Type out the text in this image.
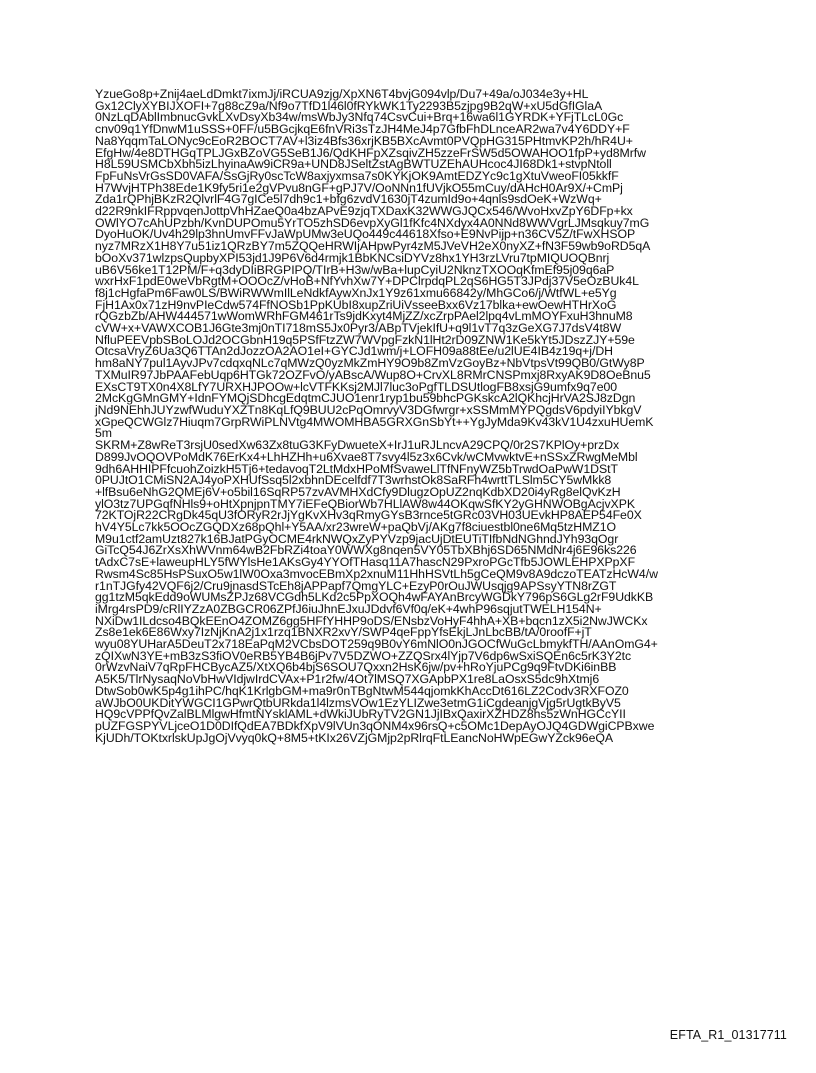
YzueGo8p+Znij4aeLdDmkt7ixmJj/iRCUA9zjg/XpXN6T4bvjG094vlp/Du7+49a/oJ034e3y+HL
Gx12ClyXYBIJXOFI+7g88cZ9a/Nf9o7TfD1l46l0fRYkWK1Ty2293B5zjpg9B2qW+xU5dGfIGlaA
0NzLqDAblImbnucGvkLXvDsyXb34w/msWbJy3Nfq74CsvCui+Brq+16wa6l1GYRDK+YFjTLcL0Gc
cnv09q1YfDnwM1uSSS+0FF/u5BGcjkqE6fnVRi3sTzJH4MeJ4p7GfbFhDLnceAR2wa7v4Y6DDY+F
Na8YqqmTaLONyc9cEoR2BOCT7AV+l3iz4Bfs36xrjKB5BXcAvmt0PVQpHG315PHtmvKP2h/hR4U+
EfgHw/4e8DTHGqTPLJGxBZoVG5SeB1J6/QdKHFpXZsqivZH5zzeFrSW5d5OWAHOO1fpP+yd8Mrfw
H8L59USMCbXbh5izLhyinaAw9iCR9a+UND8JSeltZstAgBWTUZEhAUHcoc4JI68Dk1+stvpNtoll
FpFuNsVrGsSD0VAFA/SsGjRy0scTcW8axjyxmsa7s0KYKjOK9AmtEDZYc9c1gXtuVweoFI05kkfF
H7WvjHTPh38Ede1K9fy5ri1e2gVPvu8nGF+gPJ7V/OoNNn1fUVjkO55mCuy/dAHcH0Ar9X/+CmPj
Zda1rQPhjBKzR2QlvrlF4G7gICe5l7dh9c1+bfg6zvdV1630jT4zumId9o+4qnls9sdOeK+WzWq+
d22R9nkIFRppvqenJottpVhHZaeQ0a4bzAPvE9zjqTXDaxK32WWGJQCx546/WvoHxvZpY6DFp+kx
OWlYO7cAhUPzbh/KvnDUPOmu5YrTO5zhSD6evpXyGl1fKfc4NXdyx4A0NNd8WWVgrLJMsqkuy7mG
DyoHuOK/Uv4h29lp3hnUmvFFvJaWpUMw3eUQo449c44618Xfso+E9NvPijp+n36CV5Z/tFwXHSOP
nyz7MRzX1H8Y7u51iz1QRzBY7m5ZQQeHRWIjAHpwPyr4zM5JVeVH2eX0nyXZ+fN3F59wb9oRD5qA
bOoXv371wlzpsQupbyXPI53jd1J9P6V6d4rmjk1BbKNCsiDYVz8hx1YH3rzLVru7tpMIQUOQBnrj
uB6V56ke1T12PM/F+q3dyDIiBRGPIPQ/TIrB+H3w/wBa+lupCyiU2NknzTXOOqKfmEf95j09q6aP
wxrHxF1pdE0weVbRgtM+OOOcZ/vHoB+NfYvhXw7Y+DPClrpdqPL2qS6HG5T3JPdj37V5eOzBUk4L
f8j1cHgfaPm6Faw0LS/BWiRWWmIlLeNdkfAywXnJx1Y9z61xmu66842y/MhGCo6/j/WtfWL+e5Yg
FjH1Ax0x71zH9nvPIeCdw574FfNOSb1PpKUbI8xupZriUiVsseeBxx6Vz17blka+ewOewHTHrXoG
rQGzbZb/AHW444571wWomWRhFGM461rTs9jdKxyt4MjZZ/xcZrpPAel2lpq4vLmMOYFxuH3hnuM8
cVW+x+VAWXCOB1J6Gte3mj0nTI718mS5Jx0Pyr3/ABpTVjekIfU+q9l1vT7q3zGeXG7J7dsV4t8W
NfluPEEVpbSBoLOJd2OCGbnH19q5PSfFtzZW7WVpgFzkN1lHt2rD09ZNW1Ke5kYt5JDszZJY+59e
OtcsaVryZ6Ua3Q6TTAn2dJozzOA2AO1eI+GYCJd1wm/j+LOFH09a88tEe/u2lUE4IB4z19q+j/DH
hm8aNY7pul1AyvJPv7cdqxqNLc7qMWzQ0yzMkZmHY9O9b8ZmVzGoyBz+NbVtpsVt99QB0/GtWy8P
TXMuIR97JbPAAFebUqp6HTGk72OZFvO/yABscA/Wup8O+CrvXL8RMrCNSPmxj8RxyAK9D8OeBnu5
EXsCT9TX0n4X8LfY7URXHJPOOw+lcVTFKKsj2MJl7luc3oPgfTLDSUtlogFB8xsjG9umfx9q7e00
2McKgGMnGMY+IdnFYMQjSDhcgEdqtmCJUO1enr1ryp1bu59bhcPGKskcA2lQKhcjHrVA2SJ8zDgn
jNd9NEhhJUYzwfWuduYXZTn8KqLfQ9BUU2cPqOmrvyV3DGfwrgr+xSSMmMYPQgdsV6pdyiIYbkgV
xGpeQCWGlz7Hiuqm7GrpRWiPLNVtg4MWOMHBA5GRXGnSbYt++YgJyMda9Kv43kV1U4zxuHUemK
5m
SKRM+Z8wReT3rsjU0sedXw63Zx8tuG3KFyDwueteX+IrJ1uRJLncvA29CPQ/0r2S7KPlOy+przDx
D899JvOQOVPoMdK76ErKx4+LhHZHh+u6Xvae8T7svy4l5z3x6Cvk/wCMvwktvE+nSSxZRwgMeMbl
9dh6AHHIPFfcuohZoizkH5Tj6+tedavoqT2LtMdxHPoMfSvaweLlTfNFnyWZ5bTrwdOaPwW1DStT
0PUJtO1CMiSN2AJ4yoPXHUfSsq5l2xbhnDEcelfdf7T3wrhstOk8SaRFh4wrttTLSlm5CY5wMkk8
+lfBsu6eNhG2QMEj6V+o5bil16SqRP57zvAVMHXdCfy9DlugzOpUZ2nqKdbXD20i4yRg8elQvKzH
ylO3tz7UPGqfNHls9+oHtXpnjpnTMY7iEFeQBiorWb7HLlAW8w44OKqwSfKY2yGHNWOBgAcjvXPK
72KTOjR22CRgDk45qU3fORyR2rJjYgKvXHv3qRmyGYsB3rnce5tGRc03VH03UEvkHP8AEP54Fe0X
hV4Y5Lc7kk5OOcZGQDXz68pQhl+Y5AA/xr23wreW+paQbVj/AKg7f8ciuestbl0ne6Mq5tzHMZ1O
M9u1ctf2amUzt827k16BJatPGyOCME4rkNWQxZyPYVzp9jacUjDtEUTiTIfbNdNGhndJYh93qOgr
GiTcQ54J6ZrXsXhWVnm64wB2FbRZi4toaY0WWXg8nqen5VY05TbXBhj6SD65NMdNr4j6E96ks226
tAdxC7sE+laweupHLY5fWYlsHe1AKsGy4YYOfTHasq11A7hascN29PxroPGcTfb5JOWLEHPXPpXF
Rwsm4Sc85HsPSuxO5w1lW0Oxa3mvocEBmXp2xnuM11HhHSVtLh5gCeQM9v8A9dczoTEATzHcW4/w
r1nTJGfy42VQF6j2/Cru9jnasdSTcEh8jAPPapf7QmgYLC+EzyP0rOuJWUsqjg9APSsyYTN8rZGT
gg1tzM5qkEdd9oWUMsZPJz68VCGdh5LKd2c5PpXOQh4wFAYAnBrcyWGDkY796pS6GLg2rF9UdkKB
iMrg4rsPD9/cRlIYZzA0ZBGCR06ZPfJ6iuJhnEJxuJDdvf6Vf0q/eK+4whP96sqjutTWELH154N+
NXiDw1ILdcso4BQkEEnO4ZOMZ6gg5HFfYHHP9oDS/ENsbzVoHyF4hhA+XB+bqcn1zX5i2NwJWCKx
Zs8e1ek6E86Wxy7IzNjKnA2j1x1rzq1BNXR2xvY/SWP4qeFppYfsEkjLJnLbcBB/tA/0roofF+jT
wyu08YUHarA5DeuT2x718EaPqM2VCbsDOT259q9B0vY6mNlO0nJGOCfWuGcLbmykfTH/AAnOmG4+
zQIXwN3YE+mB3zS3fiOV0eRB5YB4B6jPv7V5DZWO+ZZQSrx4lYjp7V6dp6wSxiSQEn6c5rK3Y2tc
0rWzvNaiV7qRpFHCBycAZ5/XtXQ6b4bjS6SOU7Qxxn2HsK6jw/pv+hRoYjuPCg9q9FtvDKi6inBB
A5K5/TlrNysaqNoVbHwVIdjwIrdCVAx+P1r2fw/4Ot7lMSQ7XGApbPX1re8LaOsxS5dc9hXtmj6
DtwSob0wK5p4g1ihPC/hqK1KrlgbGM+ma9r0nTBgNtwM544qjomkKhAccDt616LZ2Codv3RXFOZ0
aWJbO0UKDitYWGCI1GPwrQtbURkda1l4lzmsVOw1EzYLIZwe3etmG1iCgdeanjgVjg5rUgtkByV5
HQ9cVPPfQvZalBLMlgwHfmtNYsklAML+dWkiJUbRyTV2GN1JjIBxQaxirXZHDZ8hs5zWnHGCcYII
pUZFGSPYVLjceO1D0DIfQdEA7BDkfXpV9lVUn3qONM4x96rsQ+c5OMc1DepAyOJQ4GDWgiCPBxwe
KjUDh/TOKtxrlskUpJgOjVvyq0kQ+8M5+tKIx26VZjGMjp2pRlrqFtLEancNoHWpEGwYZck96eQA
EFTA_R1_01317711
